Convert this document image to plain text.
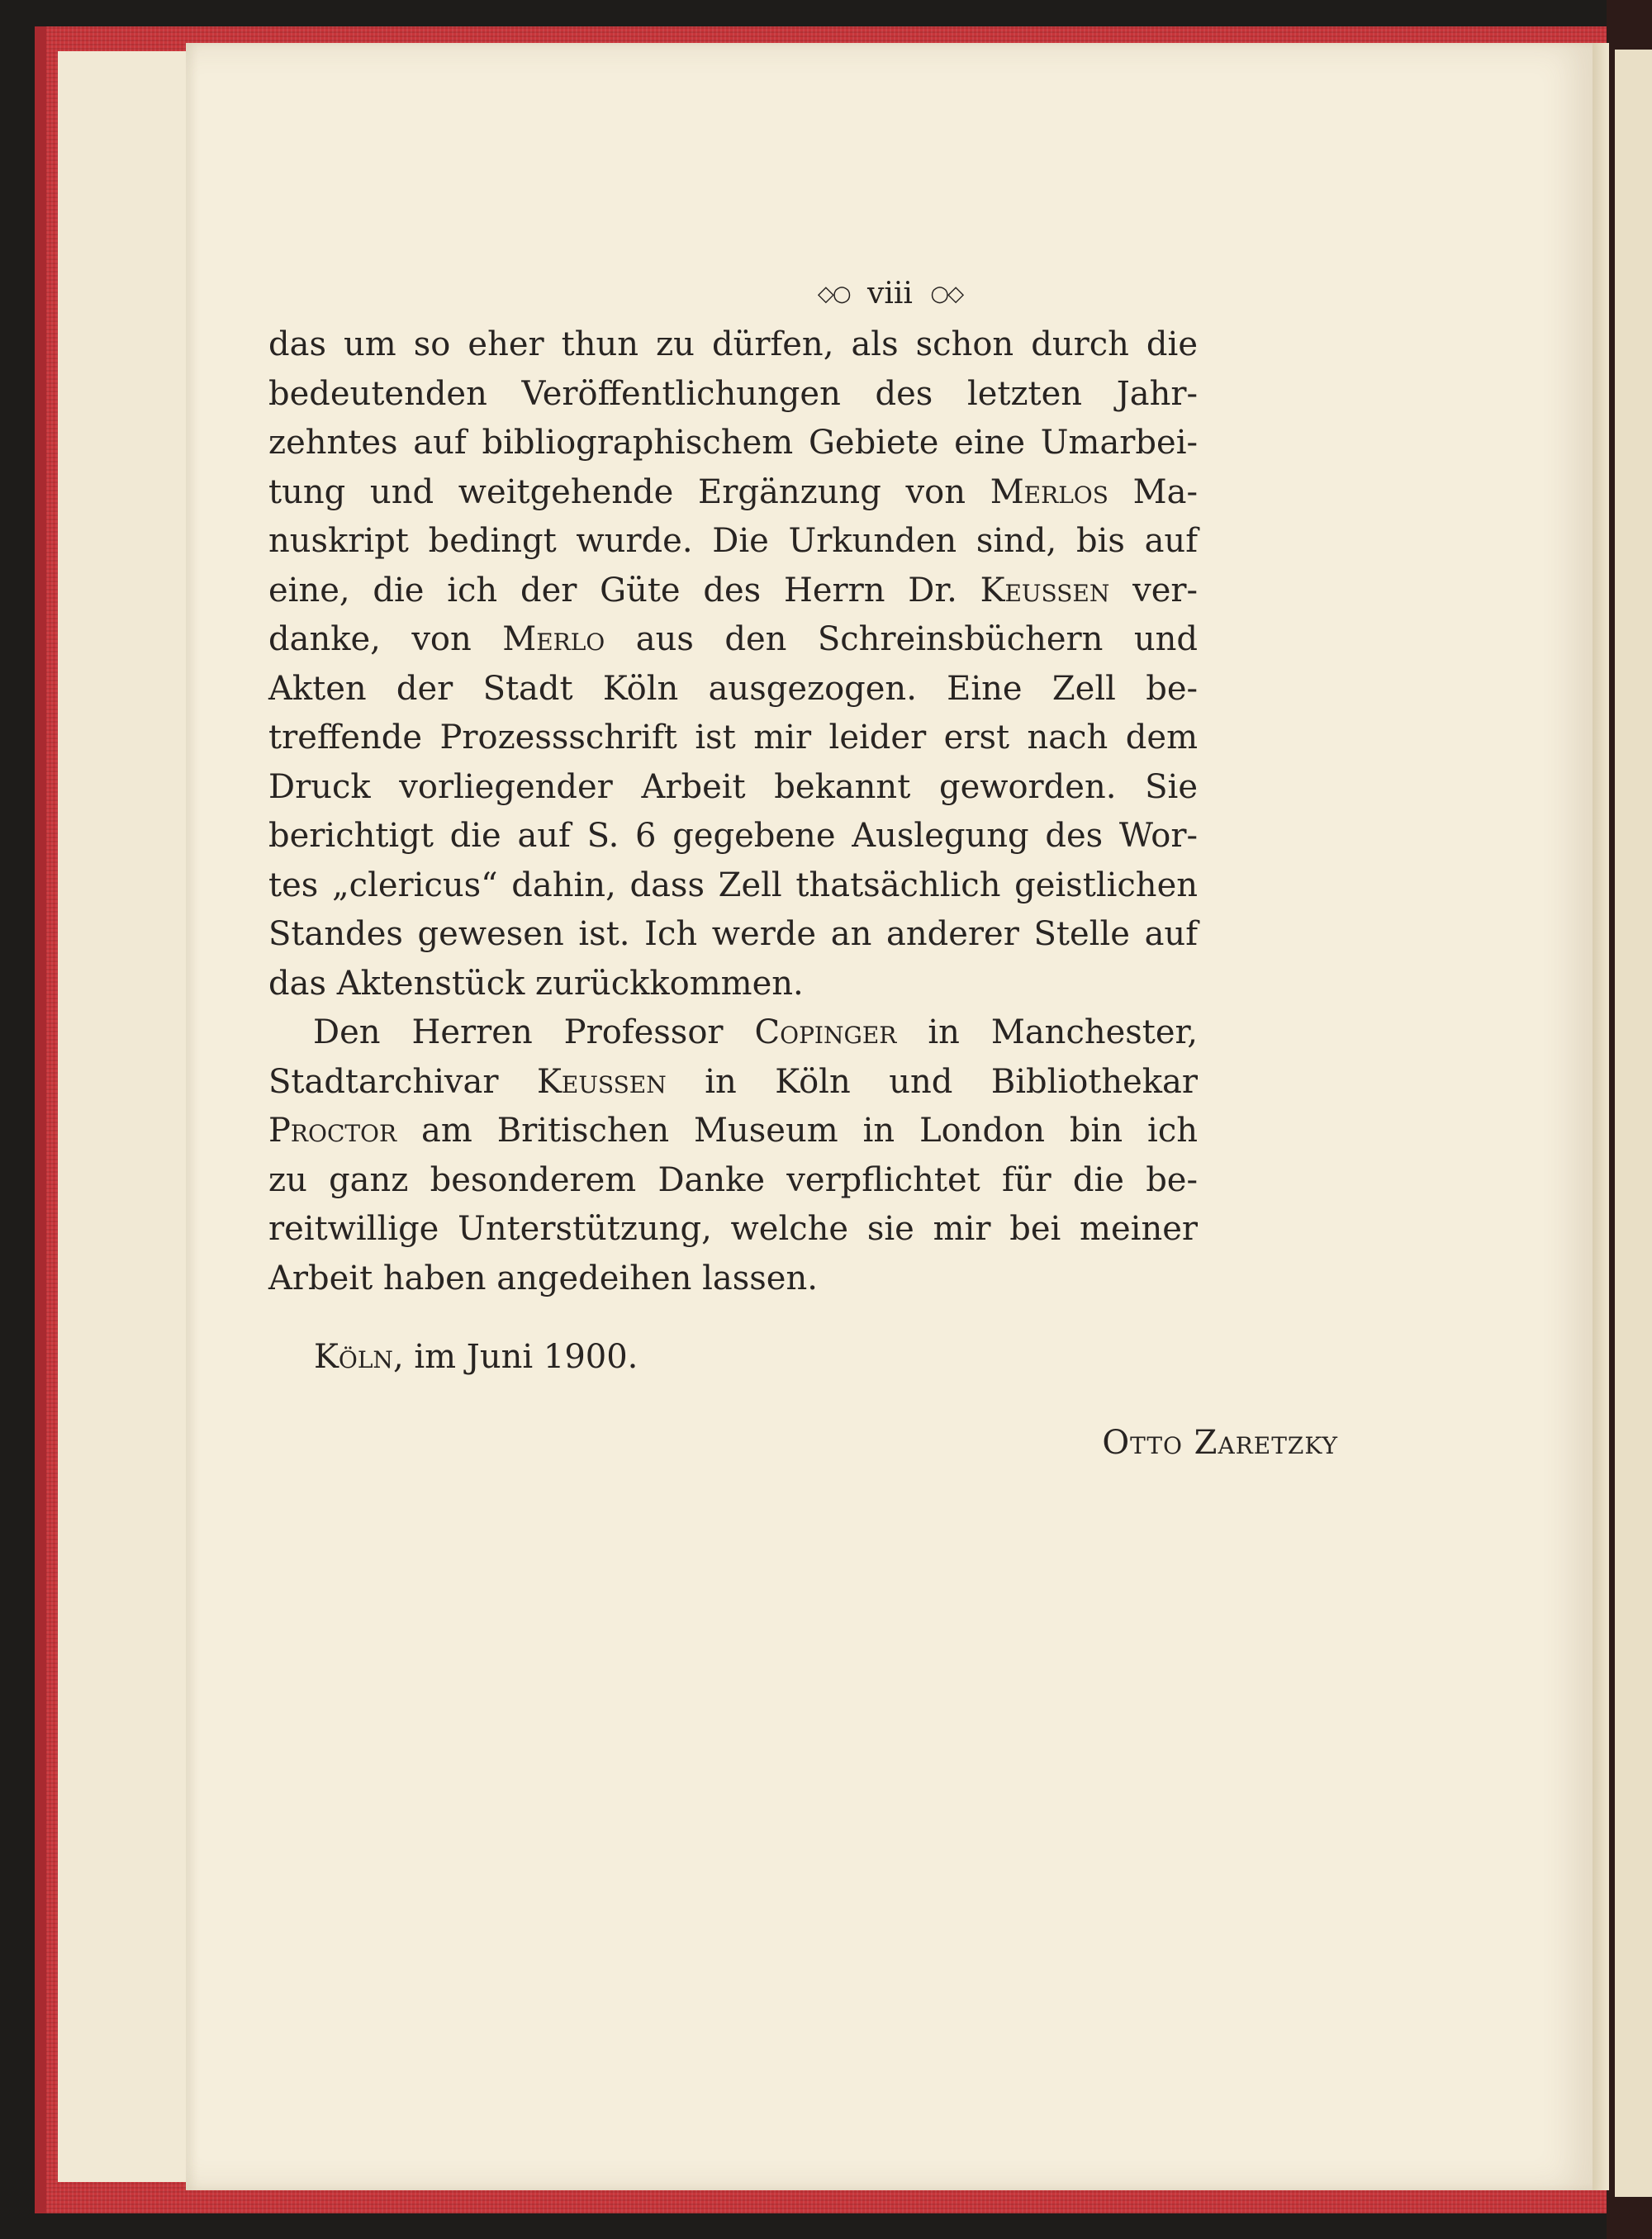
◇○ viii ○◇
das um so eher thun zu dürfen, als schon durch die
bedeutenden Veröffentlichungen des letzten Jahr-
zehntes auf bibliographischem Gebiete eine Umarbei-
tung und weitgehende Ergänzung von Merlos Ma-
nuskript bedingt wurde. Die Urkunden sind, bis auf
eine, die ich der Güte des Herrn Dr. Keussen ver-
danke, von Merlo aus den Schreinsbüchern und
Akten der Stadt Köln ausgezogen. Eine Zell be-
treffende Prozessschrift ist mir leider erst nach dem
Druck vorliegender Arbeit bekannt geworden. Sie
berichtigt die auf S. 6 gegebene Auslegung des Wor-
tes „clericus“ dahin, dass Zell thatsächlich geistlichen
Standes gewesen ist. Ich werde an anderer Stelle auf
das Aktenstück zurückkommen.
Den Herren Professor Copinger in Manchester,
Stadtarchivar Keussen in Köln und Bibliothekar
Proctor am Britischen Museum in London bin ich
zu ganz besonderem Danke verpflichtet für die be-
reitwillige Unterstützung, welche sie mir bei meiner
Arbeit haben angedeihen lassen.
Köln, im Juni 1900.
Otto Zaretzky
